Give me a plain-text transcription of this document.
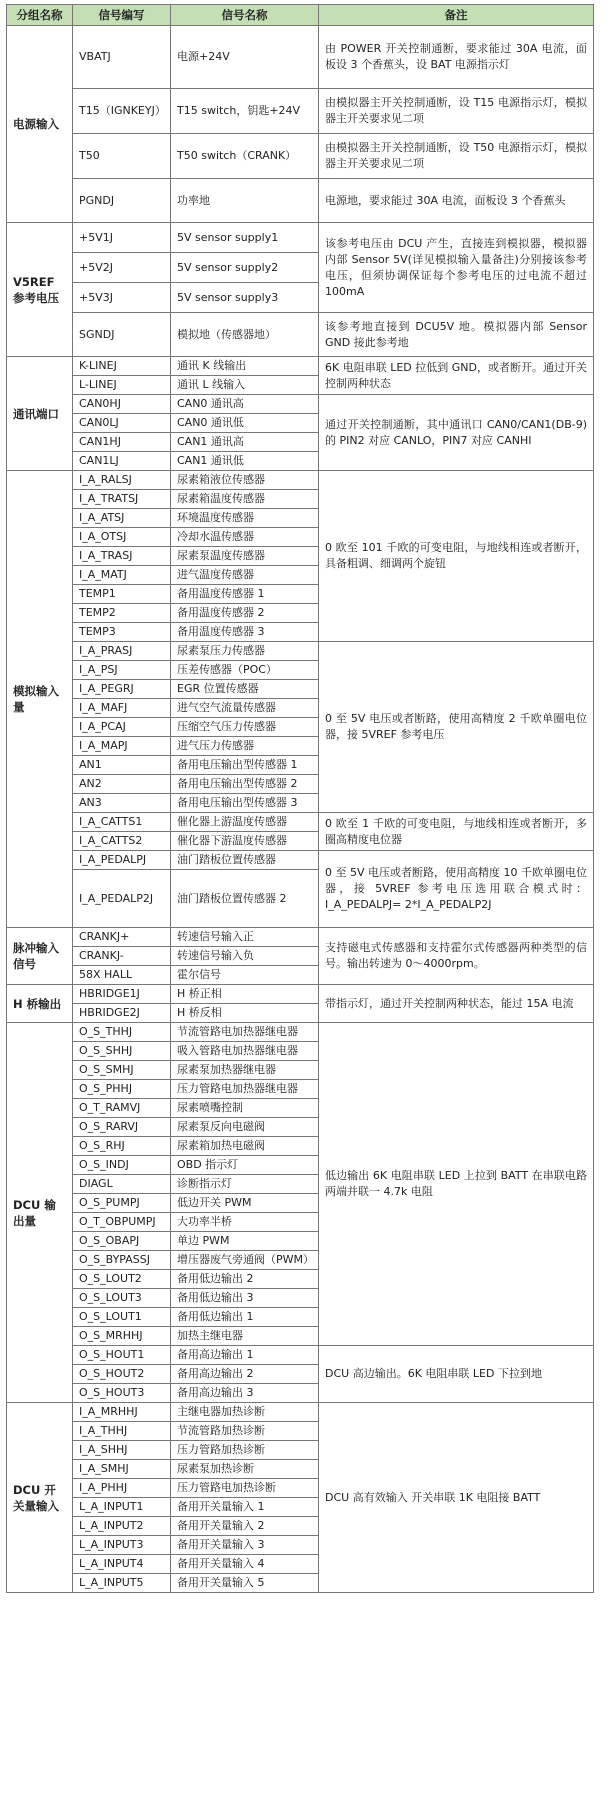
分组名称	信号编写	信号名称	备注
电源输入	VBATJ	电源+24V	由 POWER 开关控制通断，要求能过 30A 电流，面板设 3 个香蕉头，设 BAT 电源指示灯
	T15（IGNKEYJ）	T15 switch，钥匙+24V	由模拟器主开关控制通断，设 T15 电源指示灯，模拟器主开关要求见二项
	T50	T50 switch（CRANK）	由模拟器主开关控制通断，设 T50 电源指示灯，模拟器主开关要求见二项
	PGNDJ	功率地	电源地，要求能过 30A 电流，面板设 3 个香蕉头
V5REF 参考电压	+5V1J	5V sensor supply1	该参考电压由 DCU 产生，直接连到模拟器，模拟器内部 Sensor 5V(详见模拟输入量备注)分别接该参考电压，但须协调保证每个参考电压的过电流不超过 100mA
	+5V2J	5V sensor supply2	
	+5V3J	5V sensor supply3	
	SGNDJ	模拟地（传感器地）	该参考地直接到 DCU5V 地。模拟器内部 Sensor GND 接此参考地
通讯端口	K-LINEJ	通讯 K 线输出	6K 电阻串联 LED 拉低到 GND，或者断开。通过开关控制两种状态
	L-LINEJ	通讯 L 线输入	
	CAN0HJ	CAN0 通讯高	通过开关控制通断，其中通讯口 CAN0/CAN1(DB-9)的 PIN2 对应 CANLO，PIN7 对应 CANHI
	CAN0LJ	CAN0 通讯低	
	CAN1HJ	CAN1 通讯高	
	CAN1LJ	CAN1 通讯低	
模拟输入量	I_A_RALSJ	尿素箱液位传感器	0 欧至 101 千欧的可变电阻，与地线相连或者断开，具备粗调、细调两个旋钮
	I_A_TRATSJ	尿素箱温度传感器	
	I_A_ATSJ	环境温度传感器	
	I_A_OTSJ	冷却水温传感器	
	I_A_TRASJ	尿素泵温度传感器	
	I_A_MATJ	进气温度传感器	
	TEMP1	备用温度传感器 1	
	TEMP2	备用温度传感器 2	
	TEMP3	备用温度传感器 3	
	I_A_PRASJ	尿素泵压力传感器	0 至 5V 电压或者断路，使用高精度 2 千欧单圈电位器，接 5VREF 参考电压
	I_A_PSJ	压差传感器（POC）	
	I_A_PEGRJ	EGR 位置传感器	
	I_A_MAFJ	进气空气流量传感器	
	I_A_PCAJ	压缩空气压力传感器	
	I_A_MAPJ	进气压力传感器	
	AN1	备用电压输出型传感器 1	
	AN2	备用电压输出型传感器 2	
	AN3	备用电压输出型传感器 3	
	I_A_CATTS1	催化器上游温度传感器	0 欧至 1 千欧的可变电阻，与地线相连或者断开，多圈高精度电位器
	I_A_CATTS2	催化器下游温度传感器	
	I_A_PEDALPJ	油门踏板位置传感器	0 至 5V 电压或者断路，使用高精度 10 千欧单圈电位器，接 5VREF 参考电压选用联合模式时：I_A_PEDALPJ= 2*I_A_PEDALP2J
	I_A_PEDALP2J	油门踏板位置传感器 2	
脉冲输入信号	CRANKJ+	转速信号输入正	支持磁电式传感器和支持霍尔式传感器两种类型的信号。输出转速为 0～4000rpm。
	CRANKJ-	转速信号输入负	
	58X HALL	霍尔信号	
H 桥输出	HBRIDGE1J	H 桥正相	带指示灯，通过开关控制两种状态，能过 15A 电流
	HBRIDGE2J	H 桥反相	
DCU 输出量	O_S_THHJ	节流管路电加热器继电器	低边输出 6K 电阻串联 LED 上拉到 BATT 在串联电路两端并联一 4.7k 电阻
	O_S_SHHJ	吸入管路电加热器继电器	
	O_S_SMHJ	尿素泵加热器继电器	
	O_S_PHHJ	压力管路电加热器继电器	
	O_T_RAMVJ	尿素喷嘴控制	
	O_S_RARVJ	尿素泵反向电磁阀	
	O_S_RHJ	尿素箱加热电磁阀	
	O_S_INDJ	OBD 指示灯	
	DIAGL	诊断指示灯	
	O_S_PUMPJ	低边开关 PWM	
	O_T_OBPUMPJ	大功率半桥	
	O_S_OBAPJ	单边 PWM	
	O_S_BYPASSJ	增压器废气旁通阀（PWM）	
	O_S_LOUT2	备用低边输出 2	
	O_S_LOUT3	备用低边输出 3	
	O_S_LOUT1	备用低边输出 1	
	O_S_MRHHJ	加热主继电器	
	O_S_HOUT1	备用高边输出 1	DCU 高边输出。6K 电阻串联 LED 下拉到地
	O_S_HOUT2	备用高边输出 2	
	O_S_HOUT3	备用高边输出 3	
DCU 开关量输入	I_A_MRHHJ	主继电器加热诊断	DCU 高有效输入 开关串联 1K 电阻接 BATT
	I_A_THHJ	节流管路加热诊断	
	I_A_SHHJ	压力管路加热诊断	
	I_A_SMHJ	尿素泵加热诊断	
	I_A_PHHJ	压力管路电加热诊断	
	L_A_INPUT1	备用开关量输入 1	
	L_A_INPUT2	备用开关量输入 2	
	L_A_INPUT3	备用开关量输入 3	
	L_A_INPUT4	备用开关量输入 4	
	L_A_INPUT5	备用开关量输入 5	
